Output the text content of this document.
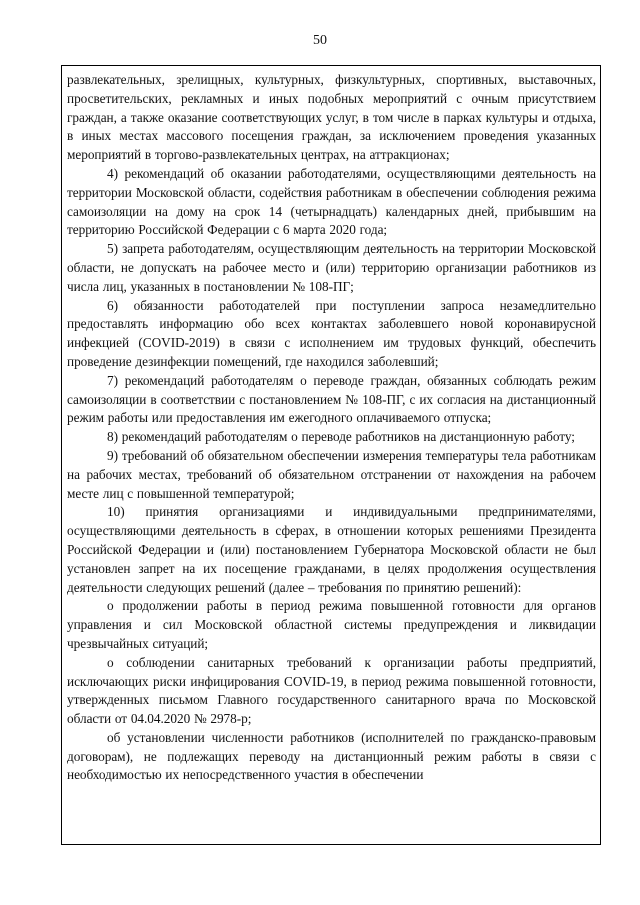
50

развлекательных, зрелищных, культурных, физкультурных, спортивных, выставочных, просветительских, рекламных и иных подобных мероприятий с очным присутствием граждан, а также оказание соответствующих услуг, в том числе в парках культуры и отдыха, в иных местах массового посещения граждан, за исключением проведения указанных мероприятий в торгово-развлекательных центрах, на аттракционах;

4) рекомендаций об оказании работодателями, осуществляющими деятельность на территории Московской области, содействия работникам в обеспечении соблюдения режима самоизоляции на дому на срок 14 (четырнадцать) календарных дней, прибывшим на территорию Российской Федерации с 6 марта 2020 года;

5) запрета работодателям, осуществляющим деятельность на территории Московской области, не допускать на рабочее место и (или) территорию организации работников из числа лиц, указанных в постановлении № 108-ПГ;

6) обязанности работодателей при поступлении запроса незамедлительно предоставлять информацию обо всех контактах заболевшего новой коронавирусной инфекцией (COVID-2019) в связи с исполнением им трудовых функций, обеспечить проведение дезинфекции помещений, где находился заболевший;

7) рекомендаций работодателям о переводе граждан, обязанных соблюдать режим самоизоляции в соответствии с постановлением № 108-ПГ, с их согласия на дистанционный режим работы или предоставления им ежегодного оплачиваемого отпуска;

8) рекомендаций работодателям о переводе работников на дистанционную работу;

9) требований об обязательном обеспечении измерения температуры тела работникам на рабочих местах, требований об обязательном отстранении от нахождения на рабочем месте лиц с повышенной температурой;

10) принятия организациями и индивидуальными предпринимателями, осуществляющими деятельность в сферах, в отношении которых решениями Президента Российской Федерации и (или) постановлением Губернатора Московской области не был установлен запрет на их посещение гражданами, в целях продолжения осуществления деятельности следующих решений (далее – требования по принятию решений):

о продолжении работы в период режима повышенной готовности для органов управления и сил Московской областной системы предупреждения и ликвидации чрезвычайных ситуаций;

о соблюдении санитарных требований к организации работы предприятий, исключающих риски инфицирования COVID-19, в период режима повышенной готовности, утвержденных письмом Главного государственного санитарного врача по Московской области от 04.04.2020 № 2978-р;

об установлении численности работников (исполнителей по гражданско-правовым договорам), не подлежащих переводу на дистанционный режим работы в связи с необходимостью их непосредственного участия в обеспечении
